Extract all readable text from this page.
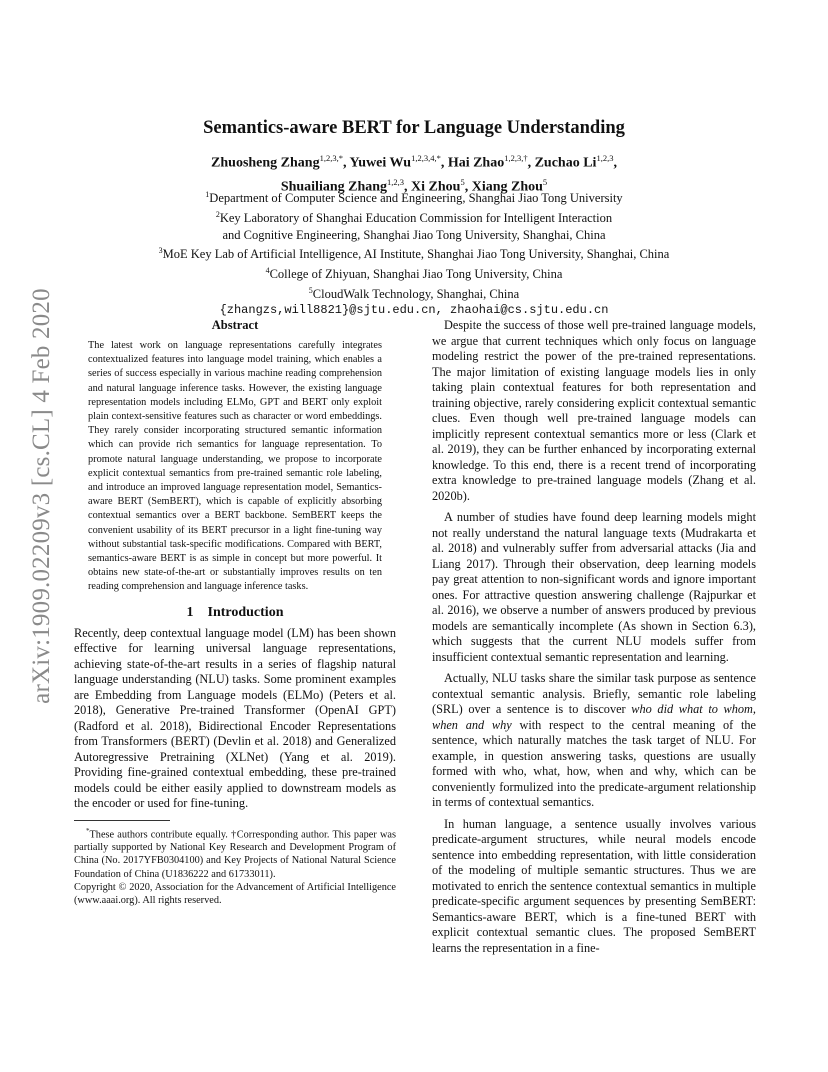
arXiv:1909.02209v3 [cs.CL] 4 Feb 2020
Semantics-aware BERT for Language Understanding
Zhuosheng Zhang$^{1,2,3,*}$, Yuwei $Wu^{1,2,3,4,*}$, Hai Zhao$^{1,2,3,\dagger}$, Zuchao Li$^{1,2,3}$,
Shuailiang Zhang$^{1,2,3}$, Xi Zhou$^5$, Xiang Zhou$^5$
$^1$Department of Computer Science and Engineering, Shanghai Jiao Tong University
$^2$Key Laboratory of Shanghai Education Commission for Intelligent Interaction
and Cognitive Engineering, Shanghai Jiao Tong University, Shanghai, China
$^3$MoE Key Lab of Artificial Intelligence, AI Institute, Shanghai Jiao Tong University, Shanghai, China
$^4$College of Zhiyuan, Shanghai Jiao Tong University, China
$^5$CloudWalk Technology, Shanghai, China
{zhangzs,will8821}@sjtu.edu.cn, zhaohai@cs.sjtu.edu.cn
Abstract

The latest work on language representations carefully integrates contextualized features into language model training, which enables a series of success especially in various machine reading comprehension and natural language inference tasks. However, the existing language representation models including ELMo, GPT and BERT only exploit plain context-sensitive features such as character or word embeddings. They rarely consider incorporating structured semantic information which can provide rich semantics for language representation. To promote natural language understanding, we propose to incorporate explicit contextual semantics from pre-trained semantic role labeling, and introduce an improved language representation model, Semantics-aware BERT (SemBERT), which is capable of explicitly absorbing contextual semantics over a BERT backbone. SemBERT keeps the convenient usability of its BERT precursor in a light fine-tuning way without substantial task-specific modifications. Compared with BERT, semantics-aware BERT is as simple in concept but more powerful. It obtains new state-of-the-art or substantially improves results on ten reading comprehension and language inference tasks.

1 Introduction

Recently, deep contextual language model (LM) has been shown effective for learning universal language representations, achieving state-of-the-art results in a series of flagship natural language understanding (NLU) tasks. Some prominent examples are Embedding from Language models (ELMo) (Peters et al. 2018), Generative Pre-trained Transformer (OpenAI GPT) (Radford et al. 2018), Bidirectional Encoder Representations from Transformers (BERT) (Devlin et al. 2018) and Generalized Autoregressive Pretraining (XLNet) (Yang et al. 2019). Providing fine-grained contextual embedding, these pre-trained models could be either easily applied to downstream models as the encoder or used for fine-tuning.

*These authors contribute equally. †Corresponding author. This paper was partially supported by National Key Research and Development Program of China (No. 2017YFB0304100) and Key Projects of National Natural Science Foundation of China (U1836222 and 61733011).

Copyright © 2020, Association for the Advancement of Artificial Intelligence (www.aaai.org). All rights reserved.

Despite the success of those well pre-trained language models, we argue that current techniques which only focus on language modeling restrict the power of the pre-trained representations. The major limitation of existing language models lies in only taking plain contextual features for both representation and training objective, rarely considering explicit contextual semantic clues. Even though well pre-trained language models can implicitly represent contextual semantics more or less (Clark et al. 2019), they can be further enhanced by incorporating external knowledge. To this end, there is a recent trend of incorporating extra knowledge to pre-trained language models (Zhang et al. 2020b).

A number of studies have found deep learning models might not really understand the natural language texts (Mudrakarta et al. 2018) and vulnerably suffer from adversarial attacks (Jia and Liang 2017). Through their observation, deep learning models pay great attention to non-significant words and ignore important ones. For attractive question answering challenge (Rajpurkar et al. 2016), we observe a number of answers produced by previous models are semantically incomplete (As shown in Section 6.3), which suggests that the current NLU models suffer from insufficient contextual semantic representation and learning.

Actually, NLU tasks share the similar task purpose as sentence contextual semantic analysis. Briefly, semantic role labeling (SRL) over a sentence is to discover who did what to whom, when and why with respect to the central meaning of the sentence, which naturally matches the task target of NLU. For example, in question answering tasks, questions are usually formed with who, what, how, when and why, which can be conveniently formulized into the predicate-argument relationship in terms of contextual semantics.

In human language, a sentence usually involves various predicate-argument structures, while neural models encode sentence into embedding representation, with little consideration of the modeling of multiple semantic structures. Thus we are motivated to enrich the sentence contextual semantics in multiple predicate-specific argument sequences by presenting SemBERT: Semantics-aware BERT, which is a fine-tuned BERT with explicit contextual semantic clues. The proposed SemBERT learns the representation in a fine-
